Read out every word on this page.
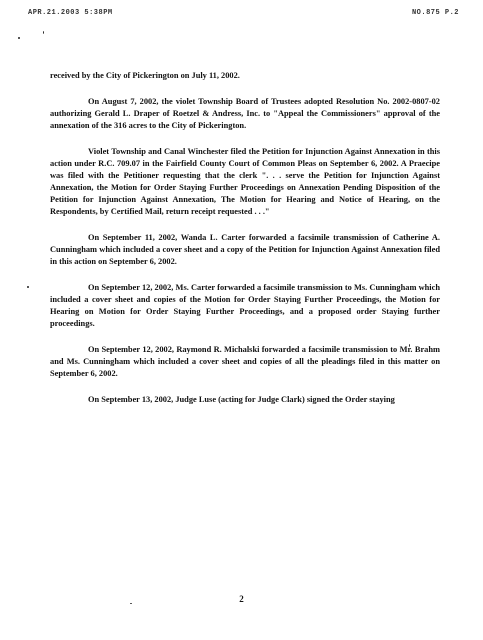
APR.21.2003 5:38PM	NO.875 P.2

received by the City of Pickerington on July 11, 2002.

On August 7, 2002, the violet Township Board of Trustees adopted Resolution No. 2002-0807-02 authorizing Gerald L. Draper of Roetzel & Andress, Inc. to "Appeal the Commissioners" approval of the annexation of the 316 acres to the City of Pickerington.

Violet Township and Canal Winchester filed the Petition for Injunction Against Annexation in this action under R.C. 709.07 in the Fairfield County Court of Common Pleas on September 6, 2002. A Praecipe was filed with the Petitioner requesting that the clerk ". . . serve the Petition for Injunction Against Annexation, the Motion for Order Staying Further Proceedings on Annexation Pending Disposition of the Petition for Injunction Against Annexation, The Motion for Hearing and Notice of Hearing, on the Respondents, by Certified Mail, return receipt requested . . ."

On September 11, 2002, Wanda L. Carter forwarded a facsimile transmission of Catherine A. Cunningham which included a cover sheet and a copy of the Petition for Injunction Against Annexation filed in this action on September 6, 2002.

On September 12, 2002, Ms. Carter forwarded a facsimile transmission to Ms. Cunningham which included a cover sheet and copies of the Motion for Order Staying Further Proceedings, the Motion for Hearing on Motion for Order Staying Further Proceedings, and a proposed order Staying further proceedings.

On September 12, 2002, Raymond R. Michalski forwarded a facsimile transmission to Mr. Brahm and Ms. Cunningham which included a cover sheet and copies of all the pleadings filed in this matter on September 6, 2002.

On September 13, 2002, Judge Luse (acting for Judge Clark) signed the Order staying

2
